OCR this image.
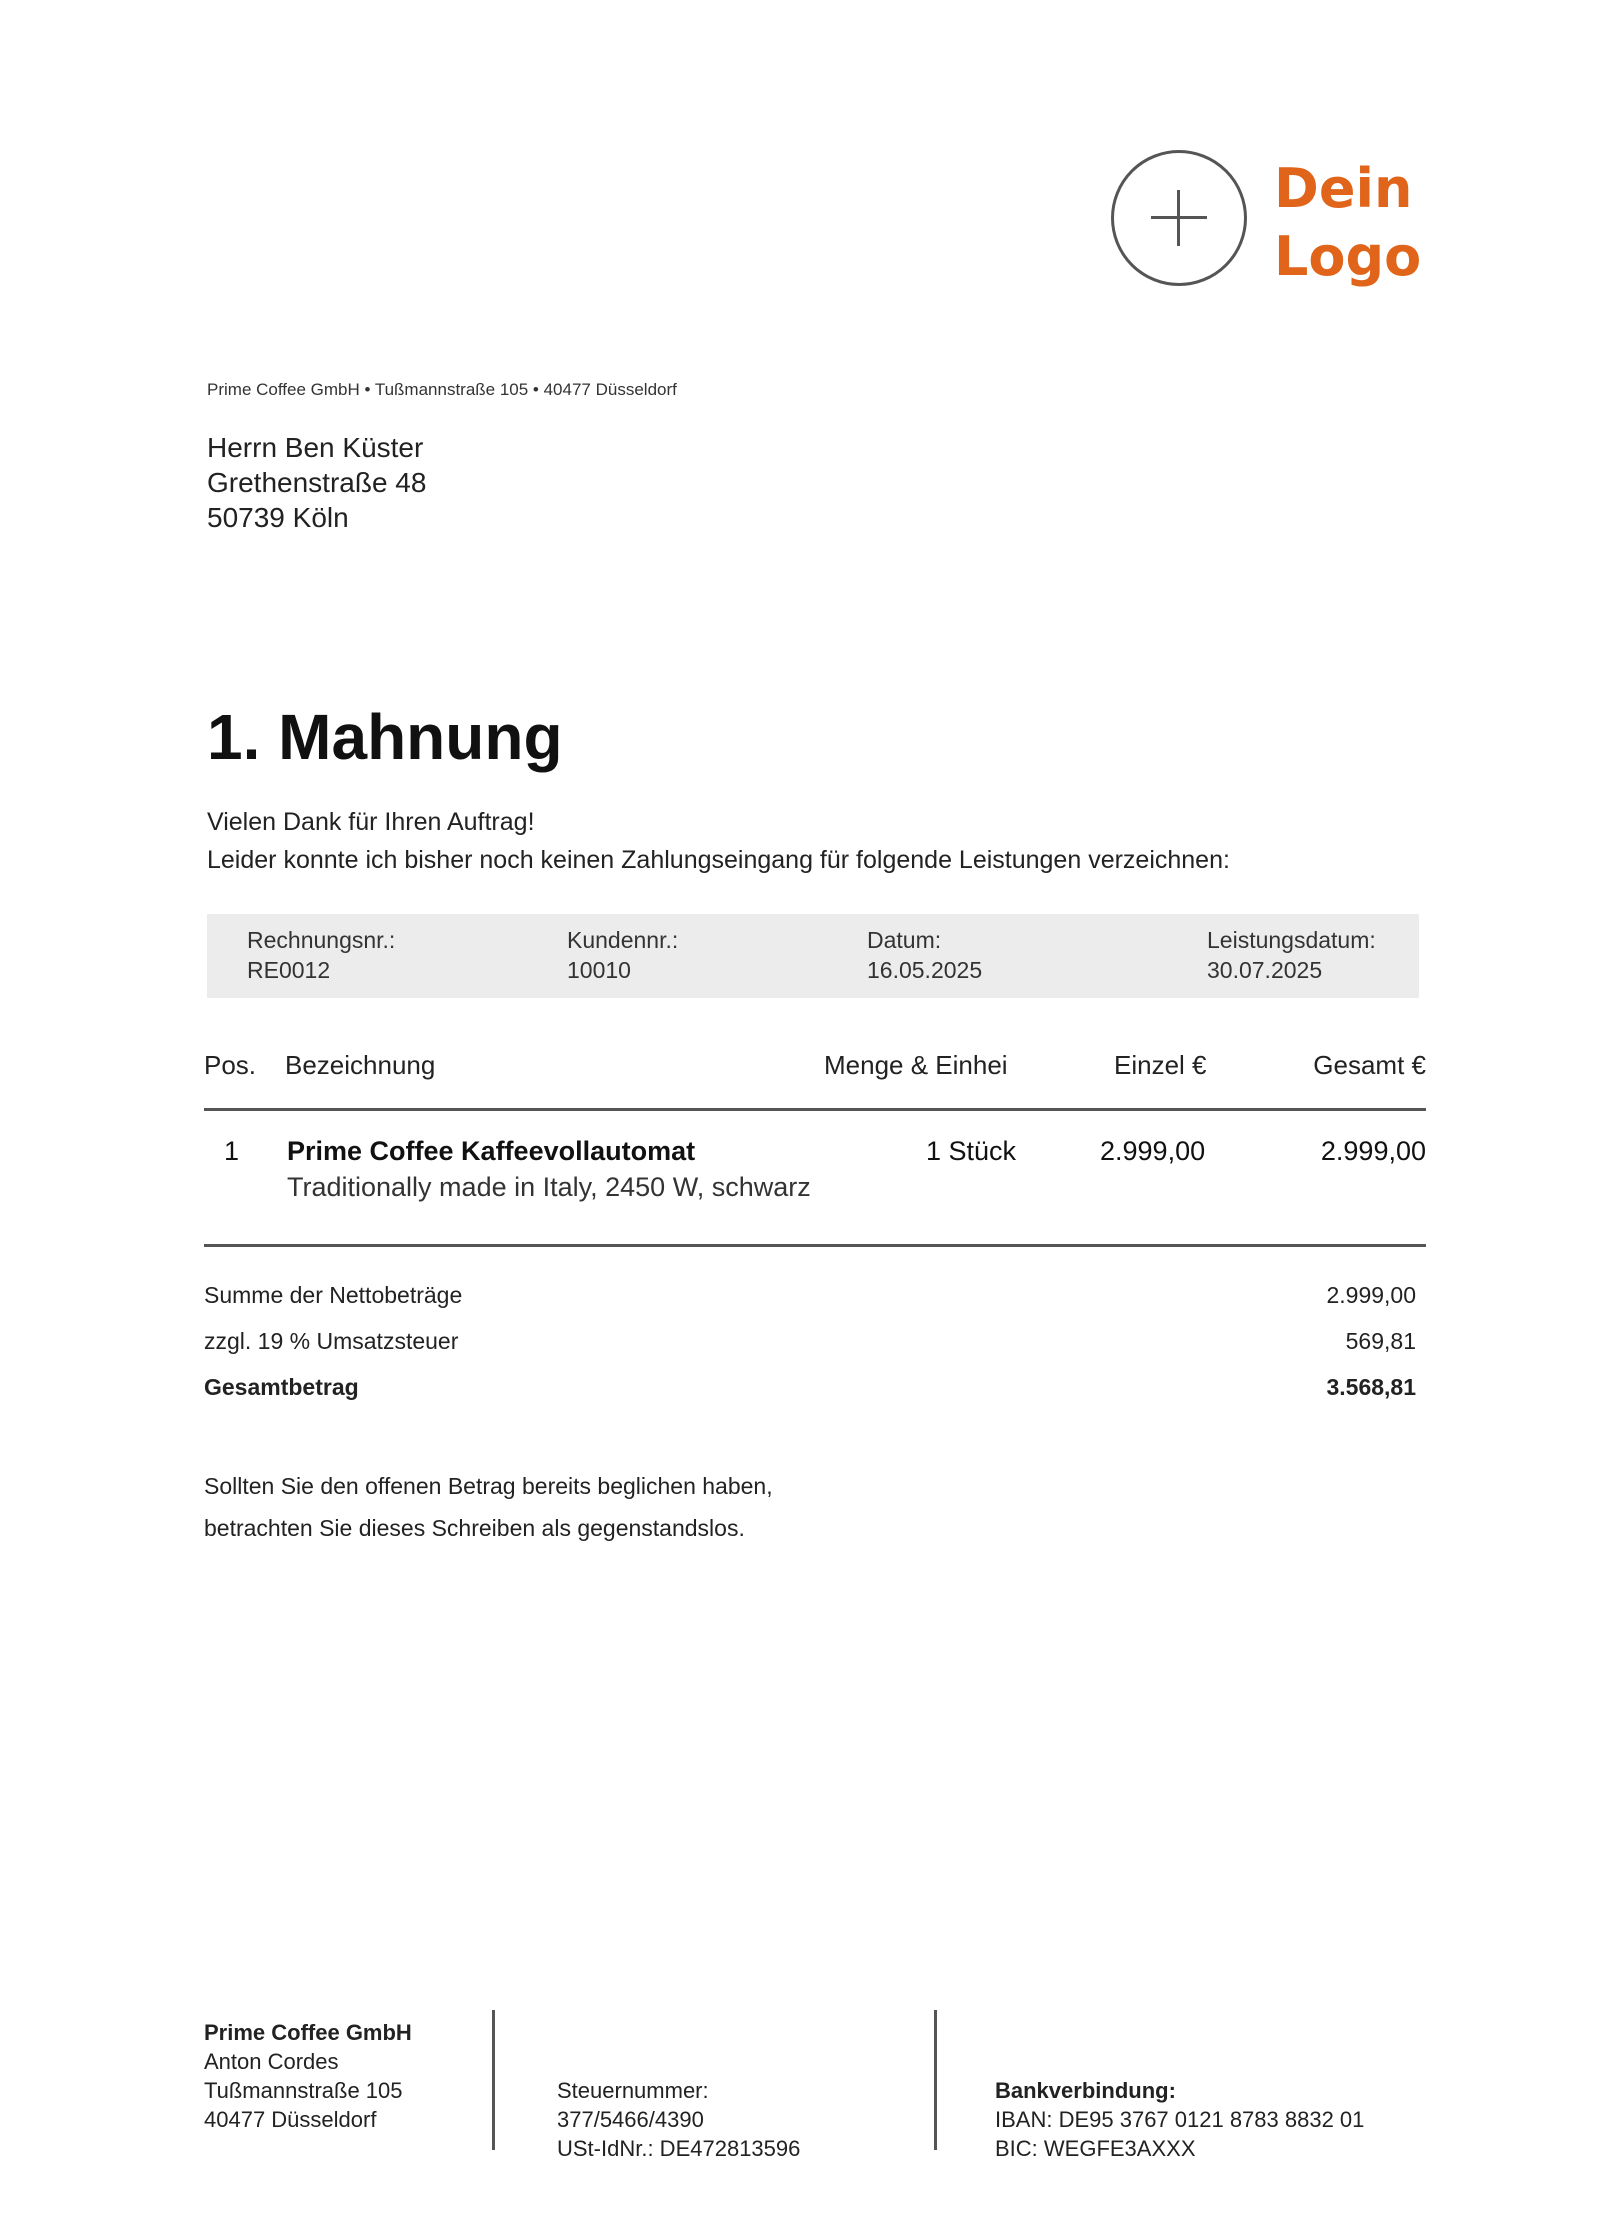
Dein
Logo
Prime Coffee GmbH • Tußmannstraße 105 • 40477 Düsseldorf
Herrn Ben Küster
Grethenstraße 48
50739 Köln
1. Mahnung
Vielen Dank für Ihren Auftrag!
Leider konnte ich bisher noch keinen Zahlungseingang für folgende Leistungen verzeichnen:
Rechnungsnr.:
RE0012
Kundennr.:
10010
Datum:
16.05.2025
Leistungsdatum:
30.07.2025
Pos. Bezeichnung	Menge & Einhei	Einzel €	Gesamt €
1 Prime Coffee Kaffeevollautomat
Traditionally made in Italy, 2450 W, schwarz
1 Stück	2.999,00	2.999,00
Summe der Nettobeträge	2.999,00
zzgl. 19 % Umsatzsteuer	569,81
Gesamtbetrag	3.568,81
Sollten Sie den offenen Betrag bereits beglichen haben,
betrachten Sie dieses Schreiben als gegenstandslos.
Prime Coffee GmbH
Anton Cordes
Tußmannstraße 105
40477 Düsseldorf
Steuernummer:
377/5466/4390
USt-IdNr.: DE472813596
Bankverbindung:
IBAN: DE95 3767 0121 8783 8832 01
BIC: WEGFE3AXXX
